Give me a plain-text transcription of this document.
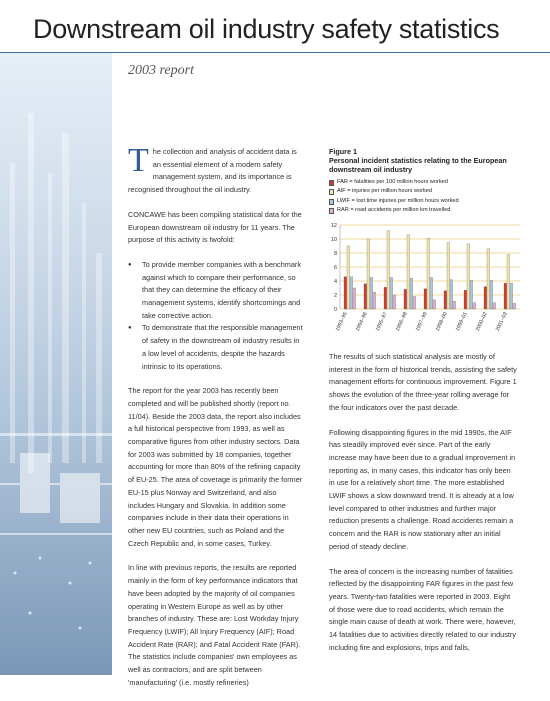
Downstream oil industry safety statistics
2003 report

T he collection and analysis of accident data is an essential element of a modern safety management system, and its importance is recognised throughout the oil industry.

CONCAWE has been compiling statistical data for the European downstream oil industry for 11 years. The purpose of this activity is twofold:

● To provide member companies with a benchmark against which to compare their performance, so that they can determine the efficacy of their management systems, identify shortcomings and take corrective action.
● To demonstrate that the responsible management of safety in the downstream oil industry results in a low level of accidents, despite the hazards intrinsic to its operations.

The report for the year 2003 has recently been completed and will be published shortly (report no. 11/04). Beside the 2003 data, the report also includes a full historical perspective from 1993, as well as comparative figures from other industry sectors. Data for 2003 was submitted by 18 companies, together accounting for more than 80% of the refining capacity of EU-25. The area of coverage is primarily the former EU-15 plus Norway and Switzerland, and also includes Hungary and Slovakia. In addition some companies include in their data their operations in other new EU countries, such as Poland and the Czech Republic and, in some cases, Turkey.

In line with previous reports, the results are reported mainly in the form of key performance indicators that have been adopted by the majority of oil companies operating in Western Europe as well as by other branches of industry. These are: Lost Workday Injury Frequency (LWIF); All Injury Frequency (AIF); Road Accident Rate (RAR); and Fatal Accident Rate (FAR). The statistics include companies' own employees as well as contractors, and are split between 'manufacturing' (i.e. mostly refineries)

Figure 1
Personal incident statistics relating to the European downstream oil industry
FAR = fatalities per 100 million hours worked
AIF = injuries per million hours worked
LWIF = lost time injuries per million hours worked
RAR = road accidents per million km travelled
0
2
4
6
8
10
12
1993–95 1994–96 1995–97 1996–98 1997–99 1998–00 1999–01 2000–02 2001–03

The results of such statistical analysis are mostly of interest in the form of historical trends, assisting the safety management efforts for continuous improvement. Figure 1 shows the evolution of the three-year rolling average for the four indicators over the past decade.

Following disappointing figures in the mid 1990s, the AIF has steadily improved ever since. Part of the early increase may have been due to a gradual improvement in reporting as, in many cases, this indicator has only been in use for a relatively short time. The more established LWIF shows a slow downward trend. It is already at a low level compared to other industries and further major reduction presents a challenge. Road accidents remain a concern and the RAR is now stationary after an initial period of steady decline.

The area of concern is the increasing number of fatalities reflected by the disappointing FAR figures in the past few years. Twenty-two fatalities were reported in 2003. Eight of those were due to road accidents, which remain the single main cause of death at work. There were, however, 14 fatalities due to activities directly related to our industry including fire and explosions, trips and falls,
